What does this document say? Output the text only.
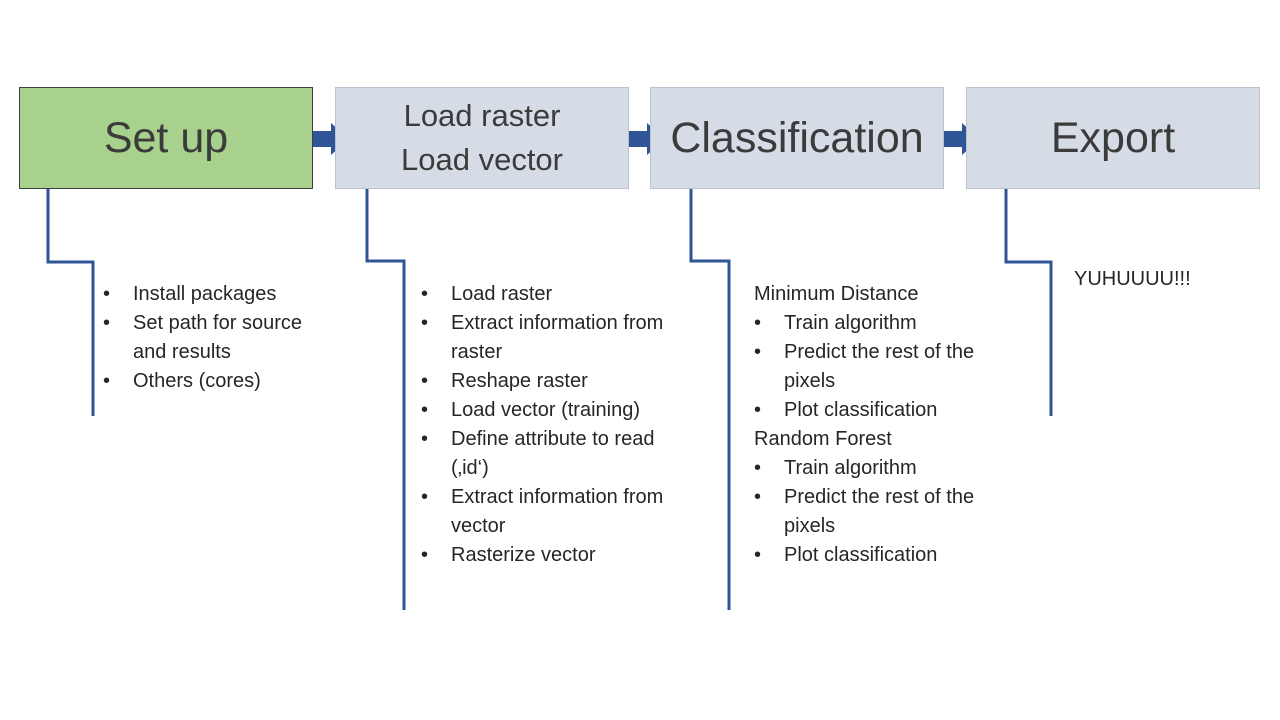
Set up	Load raster
Load vector Classification	Export
• Install packages
• Set path for source and results
• Others (cores)
• Load raster
• Extract information from raster
• Reshape raster
• Load vector (training)
• Define attribute to read (‚id‘)
• Extract information from vector
• Rasterize vector
Minimum Distance
• Train algorithm
• Predict the rest of the pixels
• Plot classification
Random Forest
• Train algorithm
• Predict the rest of the pixels
• Plot classification
YUHUUUU!!!
